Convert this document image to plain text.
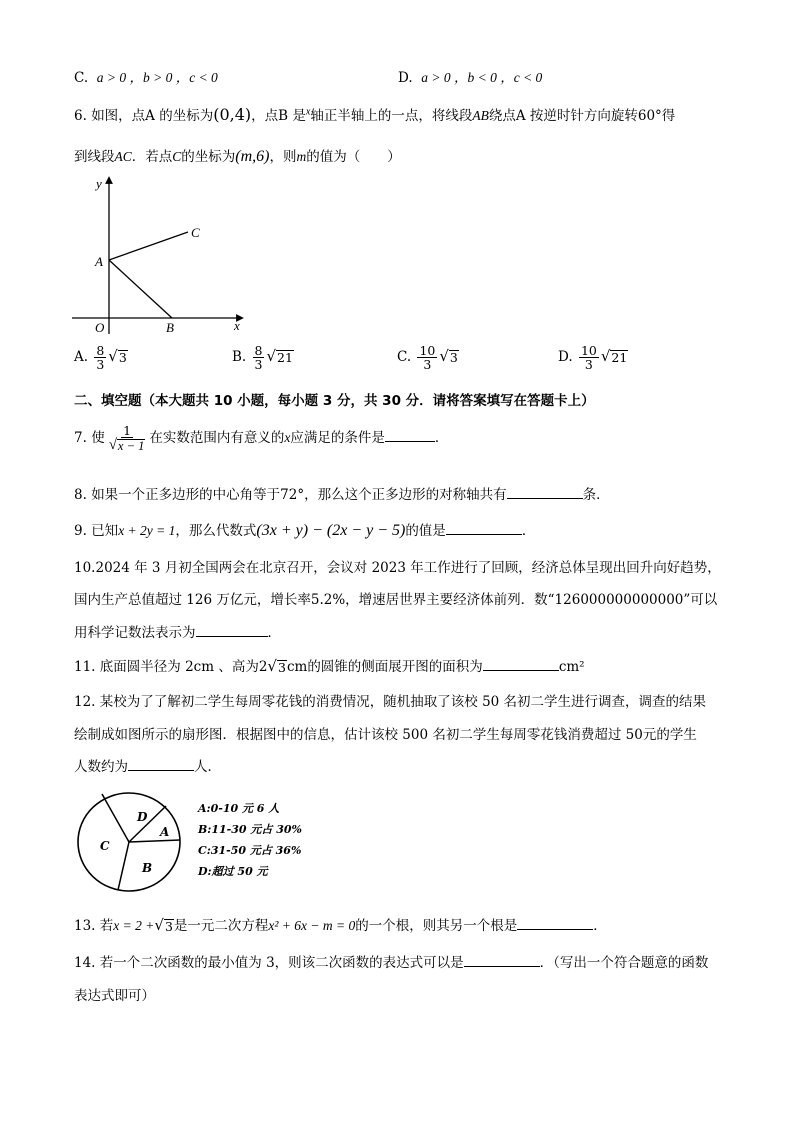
C. a > 0 ，b > 0 ，c < 0	D. a > 0 ，b < 0 ，c < 0
6. 如图，点A 的坐标为(0,4)，点B 是$^x$轴正半轴上的一点，将线段AB绕点A 按逆时针方向旋转60°得
到线段AC．若点C的坐标为(m,6)，则m的值为（　　）
y
x
O
A
B
C
A. $\frac{8}{3}$ √ 3	B. $\frac{8}{3}$ √ 21	C. $\frac{10}{3}$ √ 3	D. $\frac{10}{3}$ √ 21
二、填空题（本大题共 10 小题，每小题 3 分，共 30 分．请将答案填写在答题卡上）
7. 使 $\frac{1}{√ x - 1}$ 在实数范围内有意义的x应满足的条件是	．
8. 如果一个正多边形的中心角等于72°，那么这个正多边形的对称轴共有	条．
9. 已知x + 2y = 1，那么代数式(3x + y) − (2x − y − 5)的值是	．
10.2024 年 3 月初全国两会在北京召开，会议对 2023 年工作进行了回顾，经济总体呈现出回升向好趋势，
国内生产总值超过 126 万亿元，增长率5.2%，增速居世界主要经济体前列．数“126000000000000”可以
用科学记数法表示为	．
11. 底面圆半径为 2cm 、高为2 √ 3 cm的圆锥的侧面展开图的面积为	cm²
12. 某校为了了解初二学生每周零花钱的消费情况，随机抽取了该校 50 名初二学生进行调查，调查的结果
绘制成如图所示的扇形图．根据图中的信息，估计该校 500 名初二学生每周零花钱消费超过 50元的学生
人数约为	人．
D
A
C
B
A:0-10 元 6 人
B:11-30 元占 30%
C:31-50 元占 36%
D:超过 50 元
13. 若x = 2 + √ 3 是一元二次方程x² + 6x − m = 0的一个根，则其另一个根是	．
14. 若一个二次函数的最小值为 3，则该二次函数的表达式可以是	．（写出一个符合题意的函数
表达式即可）
